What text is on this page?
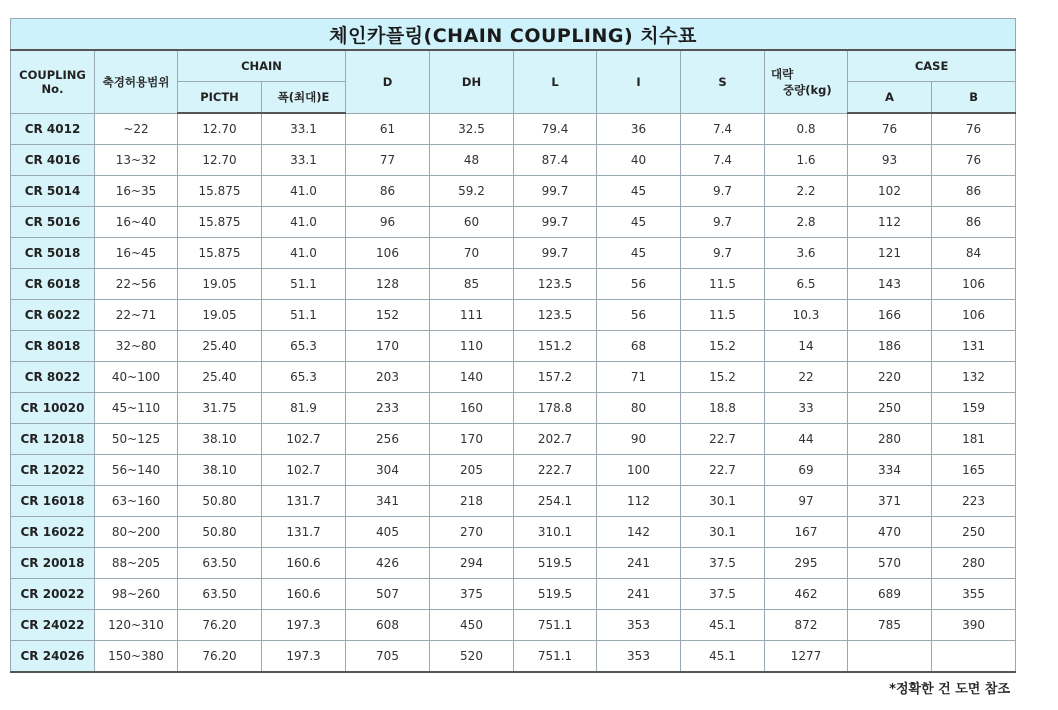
체인카플링(CHAIN COUPLING) 치수표											
COUPLING
No.	축경허용범위	CHAIN		D	DH	L	I	S	대략
중량(kg)	CASE	
		PICTH	폭(최대)E							A	B
CR 4012	~22	12.70	33.1	61	32.5	79.4	36	7.4	0.8	76	76
CR 4016	13~32	12.70	33.1	77	48	87.4	40	7.4	1.6	93	76
CR 5014	16~35	15.875	41.0	86	59.2	99.7	45	9.7	2.2	102	86
CR 5016	16~40	15.875	41.0	96	60	99.7	45	9.7	2.8	112	86
CR 5018	16~45	15.875	41.0	106	70	99.7	45	9.7	3.6	121	84
CR 6018	22~56	19.05	51.1	128	85	123.5	56	11.5	6.5	143	106
CR 6022	22~71	19.05	51.1	152	111	123.5	56	11.5	10.3	166	106
CR 8018	32~80	25.40	65.3	170	110	151.2	68	15.2	14	186	131
CR 8022	40~100	25.40	65.3	203	140	157.2	71	15.2	22	220	132
CR 10020	45~110	31.75	81.9	233	160	178.8	80	18.8	33	250	159
CR 12018	50~125	38.10	102.7	256	170	202.7	90	22.7	44	280	181
CR 12022	56~140	38.10	102.7	304	205	222.7	100	22.7	69	334	165
CR 16018	63~160	50.80	131.7	341	218	254.1	112	30.1	97	371	223
CR 16022	80~200	50.80	131.7	405	270	310.1	142	30.1	167	470	250
CR 20018	88~205	63.50	160.6	426	294	519.5	241	37.5	295	570	280
CR 20022	98~260	63.50	160.6	507	375	519.5	241	37.5	462	689	355
CR 24022	120~310	76.20	197.3	608	450	751.1	353	45.1	872	785	390
CR 24026	150~380	76.20	197.3	705	520	751.1	353	45.1	1277		
*정확한 건 도면 참조
